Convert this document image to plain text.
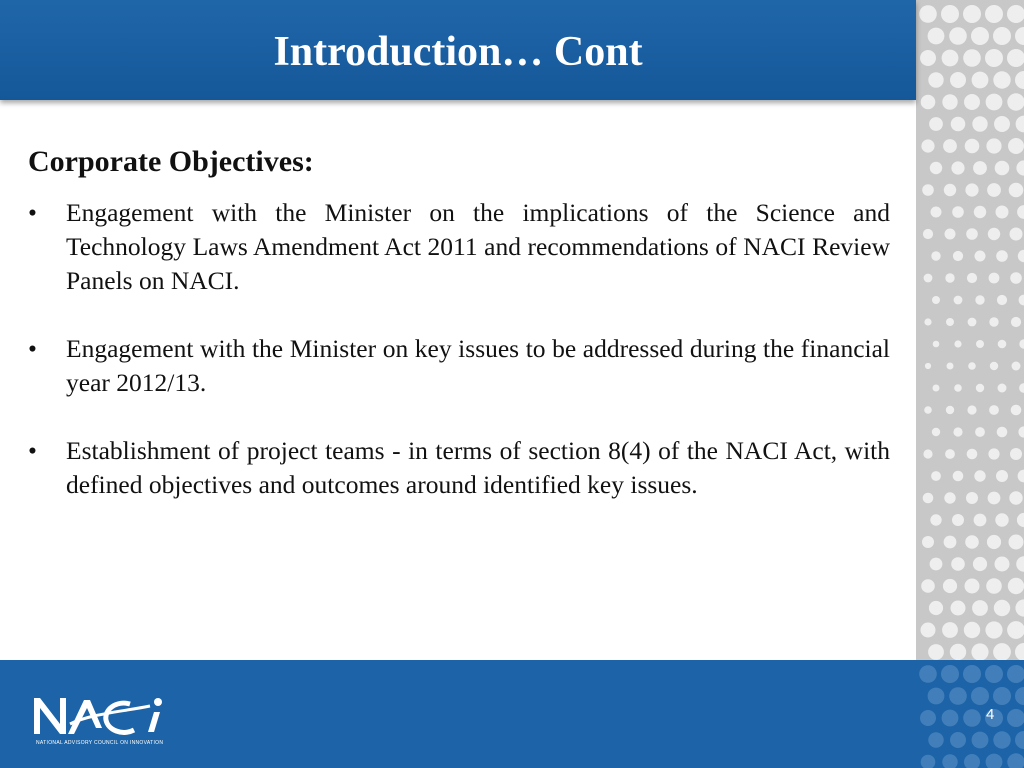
Introduction… Cont
Corporate Objectives:
• Engagement with the Minister on the implications of the Science and Technology Laws Amendment Act 2011 and recommendations of NACI Review Panels on NACI.
• Engagement with the Minister on key issues to be addressed during the financial year 2012/13.
• Establishment of project teams - in terms of section 8(4) of the NACI Act, with defined objectives and outcomes around identified key issues.
NATIONAL ADVISORY COUNCIL ON INNOVATION
4
